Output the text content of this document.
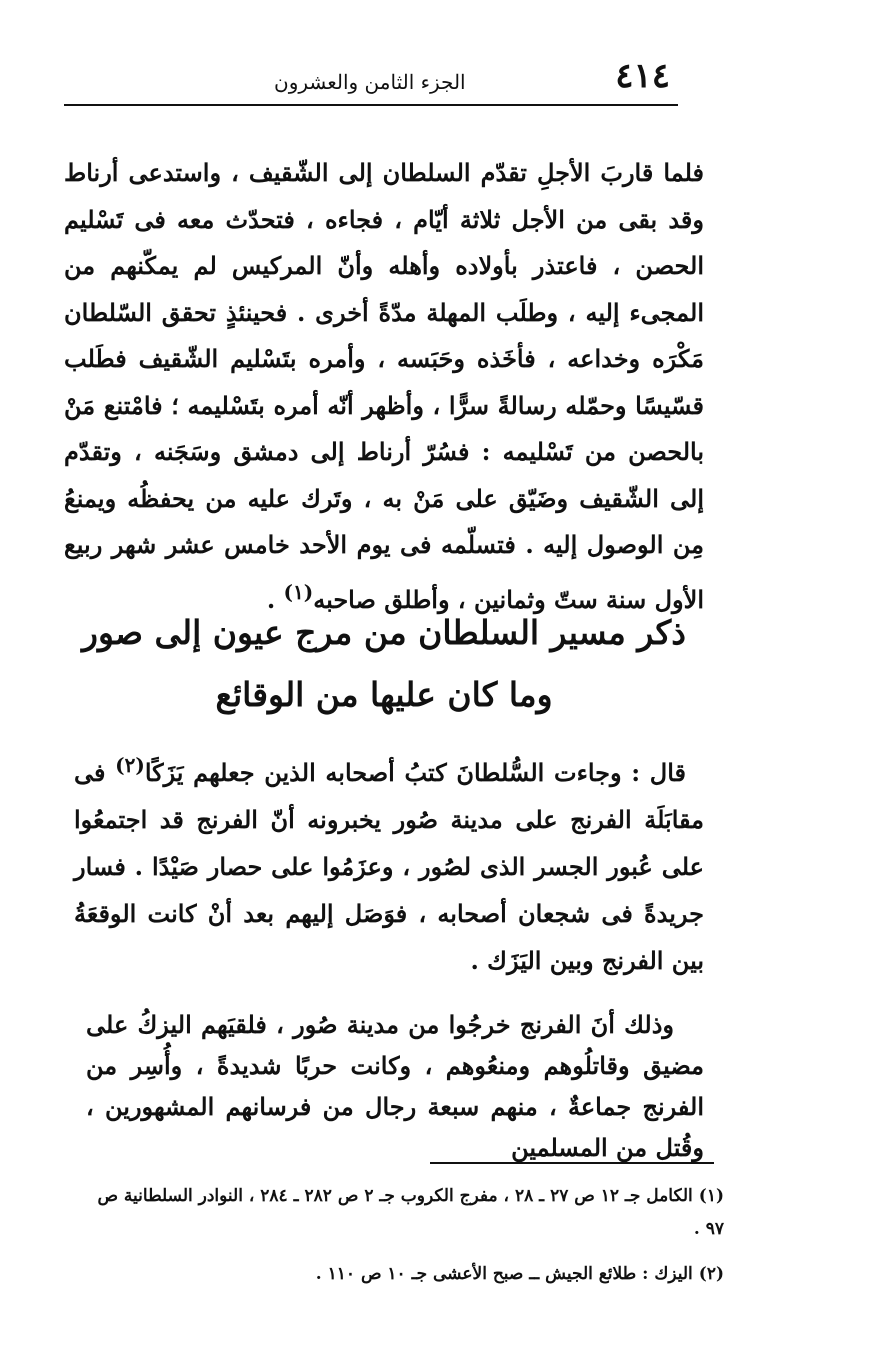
٤١٤
الجزء الثامن والعشرون

فلما قاربَ الأجلِ تقدّم السلطان إلى الشّقيف ، واستدعى أرناط وقد بقى من الأجل ثلاثة أيّام ، فجاءه ، فتحدّث معه فى تَسْليم الحصن ، فاعتذر بأولاده وأهله وأنّ المركيس لم يمكّنهم من المجىء إليه ، وطلَب المهلة مدّةً أخرى . فحينئذٍ تحقق السّلطان مَكْرَه وخداعه ، فأخَذه وحَبَسه ، وأمره بتَسْليم الشّقيف فطَلب قسّيسًا وحمّله رسالةً سرًّا ، وأظهر أنّه أمره بتَسْليمه ؛ فامْتنع مَنْ بالحصن من تَسْليمه : فسُرّ أرناط إلى دمشق وسَجَنه ، وتقدّم إلى الشّقيف وضَيّق على مَنْ به ، وتَرك عليه من يحفظُه ويمنعُ مِن الوصول إليه . فتسلّمه فى يوم الأحد خامس عشر شهر ربيع الأول سنة ستّ وثمانين ، وأطلق صاحبه$^{(١)}$ .

ذكر مسير السلطان من مرج عيون إلى صور وما كان عليها من الوقائع

قال : وجاءت السُّلطانَ كتبُ أصحابه الذين جعلهم يَزَكًا$^{(٢)}$ فى مقابَلَة الفرنج على مدينة صُور يخبرونه أنّ الفرنج قد اجتمعُوا على عُبور الجسر الذى لصُور ، وعزَمُوا على حصار صَيْدًا . فسار جريدةً فى شجعان أصحابه ، فوَصَل إليهم بعد أنْ كانت الوقعَةُ بين الفرنج وبين اليَزَك .

وذلك أنَ الفرنج خرجُوا من مدينة صُور ، فلقيَهم اليزكُ على مضيق وقاتلُوهم ومنعُوهم ، وكانت حربًا شديدةً ، وأُسِر من الفرنج جماعةٌ ، منهم سبعة رجال من فرسانهم المشهورين ، وقُتل من المسلمين

(١)الكامل جـ ١٢ ص ٢٧ ـ ٢٨ ، مفرج الكروب جـ ٢ ص ٢٨٢ ـ ٢٨٤ ، النوادر السلطانية ص ٩٧ .

(٢)اليزك : طلائع الجيش ــ صبح الأعشى جـ ١٠ ص ١١٠ .
